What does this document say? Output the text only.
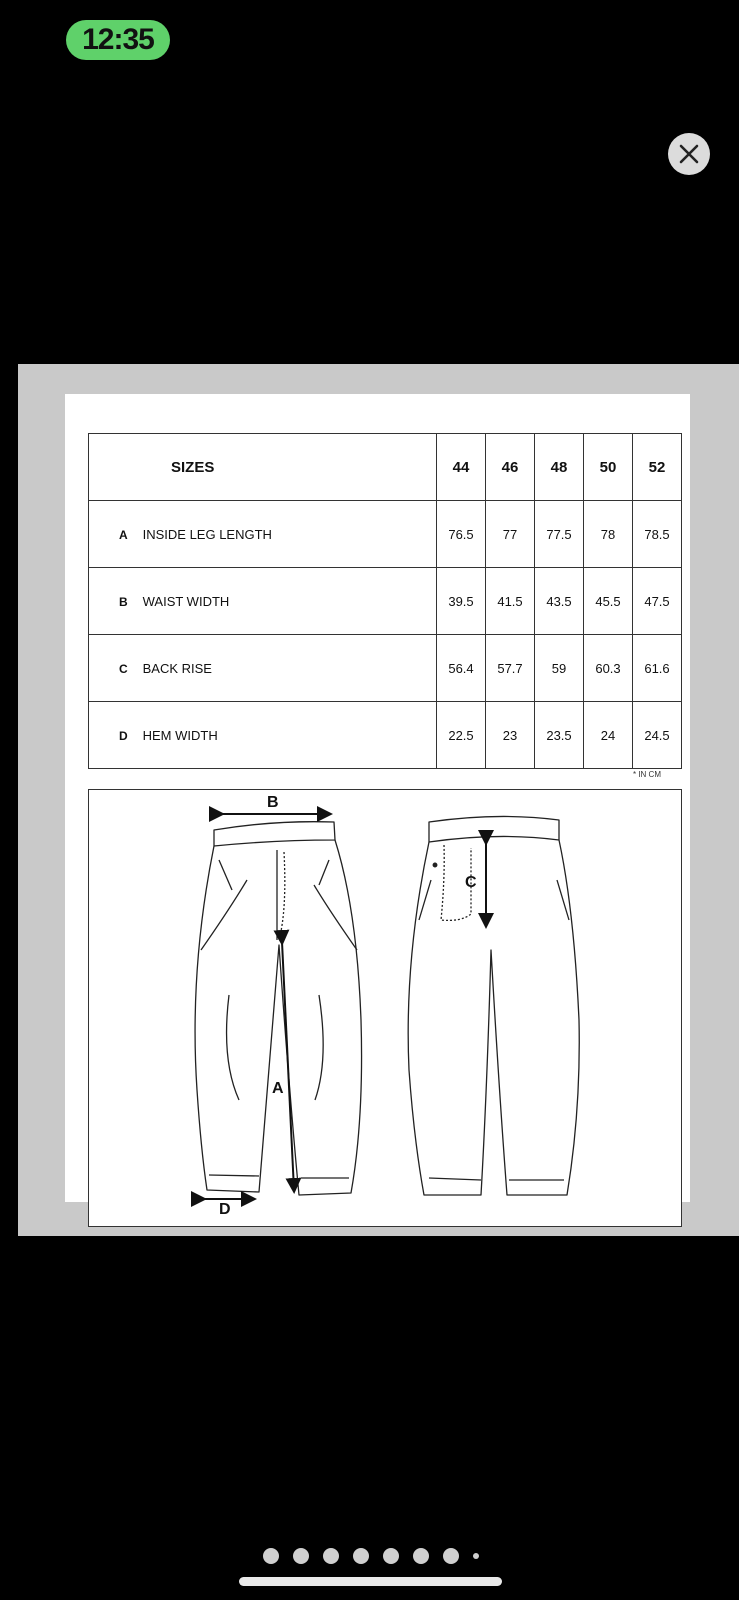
12:35
SIZES	44	46	48	50	52
A INSIDE LEG LENGTH	76.5	77	77.5	78	78.5
B WAIST WIDTH	39.5	41.5	43.5	45.5	47.5
C BACK RISE	56.4	57.7	59	60.3	61.6
D HEM WIDTH	22.5	23	23.5	24	24.5
* IN CM
B
A
C
D
